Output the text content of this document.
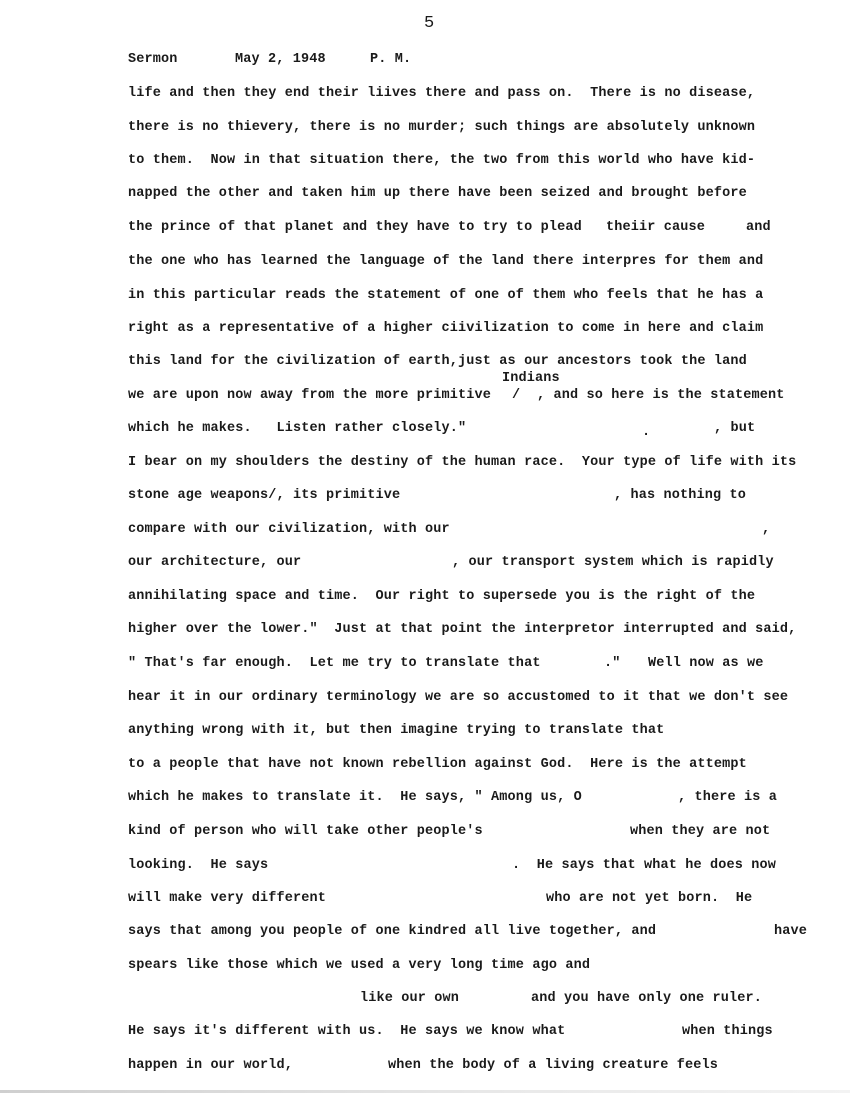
5
Sermon	May 2, 1948	P. M.
life and then they end their liives there and pass on.  There is no disease,
there is no thievery, there is no murder; such things are absolutely unknown
to them.  Now in that situation there, the two from this world who have kid-
napped the other and taken him up there have been seized and brought before
the prince of that planet and they have to try to plead theiir cause	and
the one who has learned the language of the land there interpres for them and
in this particular reads the statement of one of them who feels that he has a
right as a representative of a higher ciivilization to come in here and claim
this land for the civilization of earth,just as our ancestors took the land
Indians
we are upon now away from the more primitive / , and so here is the statement
which he makes.   Listen rather closely."	.	, but
I bear on my shoulders the destiny of the human race.  Your type of life with its
stone age weapons/, its primitive	, has nothing to
compare with our civilization, with our	,
our architecture, our	, our transport system which is rapidly
annihilating space and time.  Our right to supersede you is the right of the
higher over the lower."  Just at that point the interpretor interrupted and said,
" That's far enough.  Let me try to translate that	." Well now as we
hear it in our ordinary terminology we are so accustomed to it that we don't see
anything wrong with it, but then imagine trying to translate that
to a people that have not known rebellion against God.  Here is the attempt
which he makes to translate it.  He says, " Among us, O	, there is a
kind of person who will take other people's	when they are not
looking.  He says	.  He says that what he does now
will make very different	who are not yet born.  He
says that among you people of one kindred all live together, and	have
spears like those which we used a very long time ago and
like our own	and you have only one ruler.
He says it's different with us.  He says we know what	when things
happen in our world,	when the body of a living creature feels
